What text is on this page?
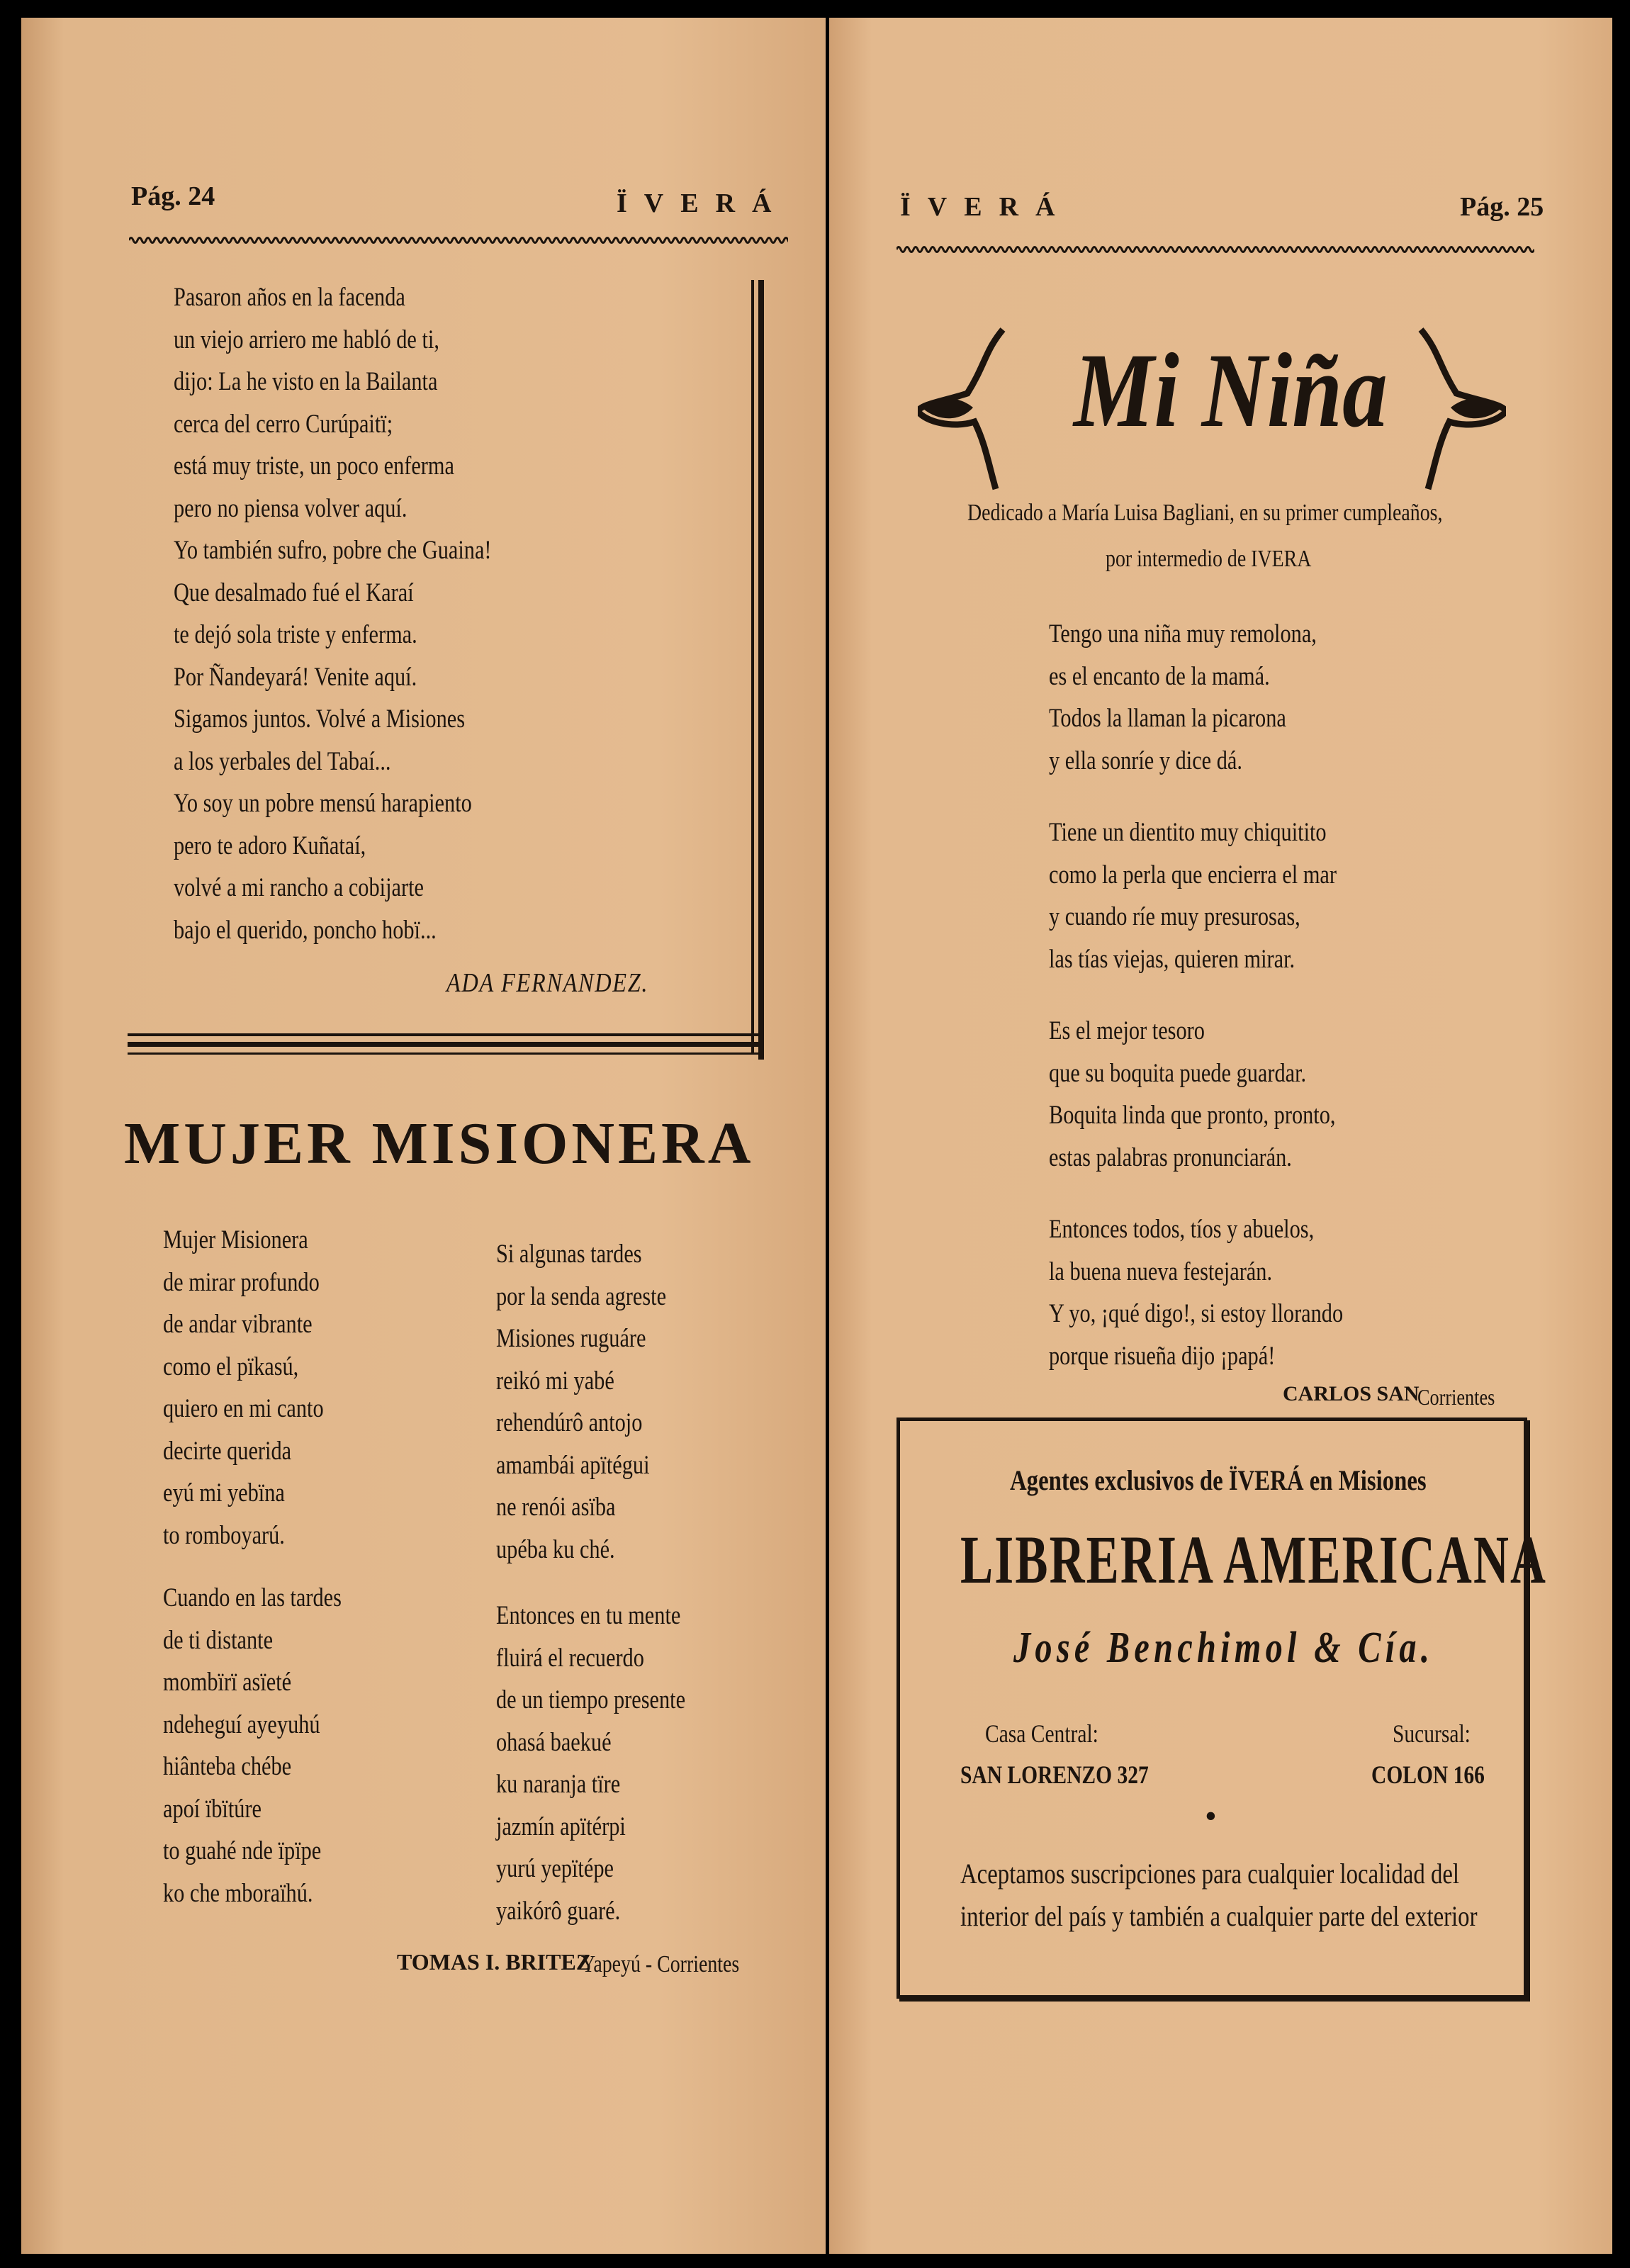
Pág. 24	ÏVERÁ
Pasaron años en la facenda
un viejo arriero me habló de ti,
dijo: La he visto en la Bailanta
cerca del cerro Curúpaitï;
está muy triste, un poco enferma
pero no piensa volver aquí.
Yo también sufro, pobre che Guaina!
Que desalmado fué el Karaí
te dejó sola triste y enferma.
Por Ñandeyará! Venite aquí.
Sigamos juntos. Volvé a Misiones
a los yerbales del Tabaí...
Yo soy un pobre mensú harapiento
pero te adoro Kuñataí,
volvé a mi rancho a cobijarte
bajo el querido, poncho hobï...
ADA FERNANDEZ.
MUJER MISIONERA
Mujer Misionera
de mirar profundo
de andar vibrante
como el pïkasú,
quiero en mi canto
decirte querida
eyú mi yebïna
to romboyarú.
Cuando en las tardes
de ti distante
mombïrï asïeté
ndeheguí ayeyuhú
hiânteba chébe
apoí ïbïtúre
to guahé nde ïpïpe
ko che mboraïhú.
Si algunas tardes
por la senda agreste
Misiones ruguáre
reikó mi yabé
rehendúrô antojo
amambái apïtégui
ne renói asïba
upéba ku ché.
Entonces en tu mente
fluirá el recuerdo
de un tiempo presente
ohasá baekué
ku naranja tïre
jazmín apïtérpi
yurú yepïtépe
yaikórô guaré.
TOMAS I. BRITEZ
Yapeyú - Corrientes
ÏVERÁ	Pág. 25
Mi Niña
Dedicado a María Luisa Bagliani, en su primer cumpleaños,
por intermedio de IVERA
Tengo una niña muy remolona,
es el encanto de la mamá.
Todos la llaman la picarona
y ella sonríe y dice dá.
Tiene un dientito muy chiquitito
como la perla que encierra el mar
y cuando ríe muy presurosas,
las tías viejas, quieren mirar.
Es el mejor tesoro
que su boquita puede guardar.
Boquita linda que pronto, pronto,
estas palabras pronunciarán.
Entonces todos, tíos y abuelos,
la buena nueva festejarán.
Y yo, ¡qué digo!, si estoy llorando
porque risueña dijo ¡papá!
CARLOS SAN
Corrientes
Agentes exclusivos de ÏVERÁ en Misiones
LIBRERIA AMERICANA
José Benchimol & Cía.
Casa Central:
SAN LORENZO 327
Sucursal:
COLON 166
•
Aceptamos suscripciones para cualquier localidad del
interior del país y también a cualquier parte del exterior
